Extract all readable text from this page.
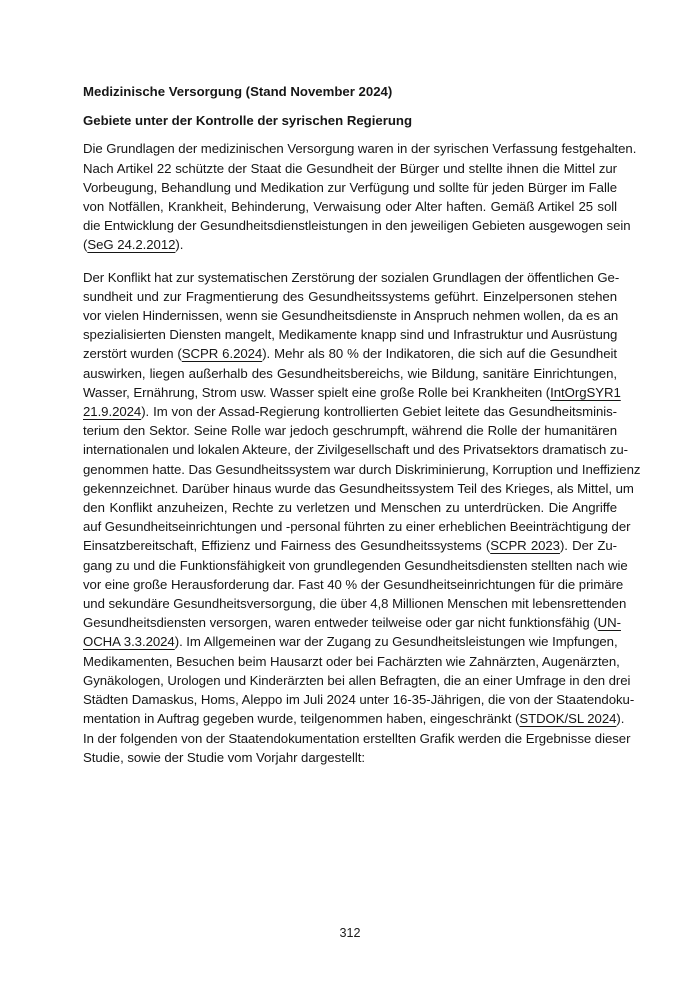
Medizinische Versorgung (Stand November 2024)

Gebiete unter der Kontrolle der syrischen Regierung

Die Grundlagen der medizinischen Versorgung waren in der syrischen Verfassung festgehalten.
Nach Artikel 22 schützte der Staat die Gesundheit der Bürger und stellte ihnen die Mittel zur
Vorbeugung, Behandlung und Medikation zur Verfügung und sollte für jeden Bürger im Falle
von Notfällen, Krankheit, Behinderung, Verwaisung oder Alter haften. Gemäß Artikel 25 soll
die Entwicklung der Gesundheitsdienstleistungen in den jeweiligen Gebieten ausgewogen sein
(SeG 24.2.2012).
Der Konflikt hat zur systematischen Zerstörung der sozialen Grundlagen der öffentlichen Ge-
sundheit und zur Fragmentierung des Gesundheitssystems geführt. Einzelpersonen stehen
vor vielen Hindernissen, wenn sie Gesundheitsdienste in Anspruch nehmen wollen, da es an
spezialisierten Diensten mangelt, Medikamente knapp sind und Infrastruktur und Ausrüstung
zerstört wurden (SCPR 6.2024). Mehr als 80 % der Indikatoren, die sich auf die Gesundheit
auswirken, liegen außerhalb des Gesundheitsbereichs, wie Bildung, sanitäre Einrichtungen,
Wasser, Ernährung, Strom usw. Wasser spielt eine große Rolle bei Krankheiten (IntOrgSYR1
21.9.2024). Im von der Assad-Regierung kontrollierten Gebiet leitete das Gesundheitsminis-
terium den Sektor. Seine Rolle war jedoch geschrumpft, während die Rolle der humanitären
internationalen und lokalen Akteure, der Zivilgesellschaft und des Privatsektors dramatisch zu-
genommen hatte. Das Gesundheitssystem war durch Diskriminierung, Korruption und Ineffizienz
gekennzeichnet. Darüber hinaus wurde das Gesundheitssystem Teil des Krieges, als Mittel, um
den Konflikt anzuheizen, Rechte zu verletzen und Menschen zu unterdrücken. Die Angriffe
auf Gesundheitseinrichtungen und -personal führten zu einer erheblichen Beeinträchtigung der
Einsatzbereitschaft, Effizienz und Fairness des Gesundheitssystems (SCPR 2023). Der Zu-
gang zu und die Funktionsfähigkeit von grundlegenden Gesundheitsdiensten stellten nach wie
vor eine große Herausforderung dar. Fast 40 % der Gesundheitseinrichtungen für die primäre
und sekundäre Gesundheitsversorgung, die über 4,8 Millionen Menschen mit lebensrettenden
Gesundheitsdiensten versorgen, waren entweder teilweise oder gar nicht funktionsfähig (UN-
OCHA 3.3.2024). Im Allgemeinen war der Zugang zu Gesundheitsleistungen wie Impfungen,
Medikamenten, Besuchen beim Hausarzt oder bei Fachärzten wie Zahnärzten, Augenärzten,
Gynäkologen, Urologen und Kinderärzten bei allen Befragten, die an einer Umfrage in den drei
Städten Damaskus, Homs, Aleppo im Juli 2024 unter 16-35-Jährigen, die von der Staatendoku-
mentation in Auftrag gegeben wurde, teilgenommen haben, eingeschränkt (STDOK/SL 2024).
In der folgenden von der Staatendokumentation erstellten Grafik werden die Ergebnisse dieser
Studie, sowie der Studie vom Vorjahr dargestellt:
312
